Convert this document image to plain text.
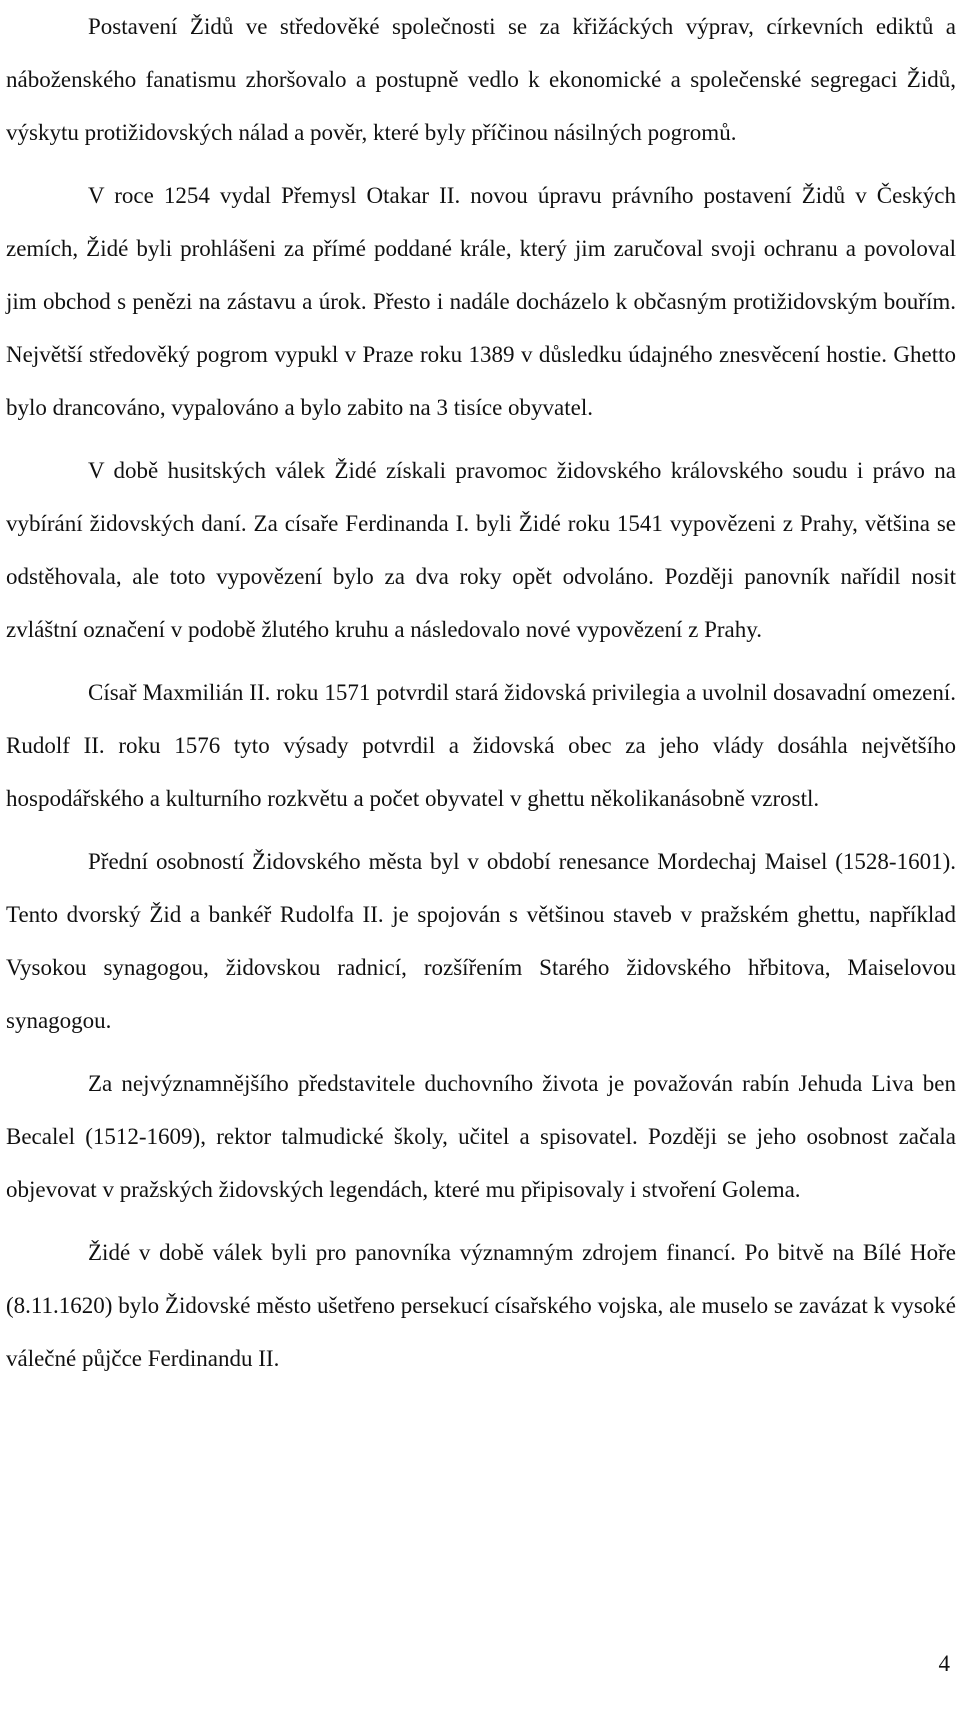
Postavení Židů ve středověké společnosti se za křižáckých výprav, církevních ediktů a náboženského fanatismu zhoršovalo a postupně vedlo k ekonomické a společenské segregaci Židů, výskytu protižidovských nálad a pověr, které byly příčinou násilných pogromů.

V roce 1254 vydal Přemysl Otakar II. novou úpravu právního postavení Židů v Českých zemích, Židé byli prohlášeni za přímé poddané krále, který jim zaručoval svoji ochranu a povoloval jim obchod s penězi na zástavu a úrok. Přesto i nadále docházelo k občasným protižidovským bouřím. Největší středověký pogrom vypukl v Praze roku 1389 v důsledku údajného znesvěcení hostie. Ghetto bylo drancováno, vypalováno a bylo zabito na 3 tisíce obyvatel.

V době husitských válek Židé získali pravomoc židovského královského soudu i právo na vybírání židovských daní. Za císaře Ferdinanda I. byli Židé roku 1541 vypovězeni z Prahy, většina se odstěhovala, ale toto vypovězení bylo za dva roky opět odvoláno. Později panovník nařídil nosit zvláštní označení v podobě žlutého kruhu a následovalo nové vypovězení z Prahy.

Císař Maxmilián II. roku 1571 potvrdil stará židovská privilegia a uvolnil dosavadní omezení. Rudolf II. roku 1576 tyto výsady potvrdil a židovská obec za jeho vlády dosáhla největšího hospodářského a kulturního rozkvětu a počet obyvatel v ghettu několikanásobně vzrostl.

Přední osobností Židovského města byl v období renesance Mordechaj Maisel (1528-1601). Tento dvorský Žid a bankéř Rudolfa II. je spojován s většinou staveb v pražském ghettu, například Vysokou synagogou, židovskou radnicí, rozšířením Starého židovského hřbitova, Maiselovou synagogou.

Za nejvýznamnějšího představitele duchovního života je považován rabín Jehuda Liva ben Becalel (1512-1609), rektor talmudické školy, učitel a spisovatel. Později se jeho osobnost začala objevovat v pražských židovských legendách, které mu připisovaly i stvoření Golema.

Židé v době válek byli pro panovníka významným zdrojem financí. Po bitvě na Bílé Hoře (8.11.1620) bylo Židovské město ušetřeno persekucí císařského vojska, ale muselo se zavázat k vysoké válečné půjčce Ferdinandu II.

4
